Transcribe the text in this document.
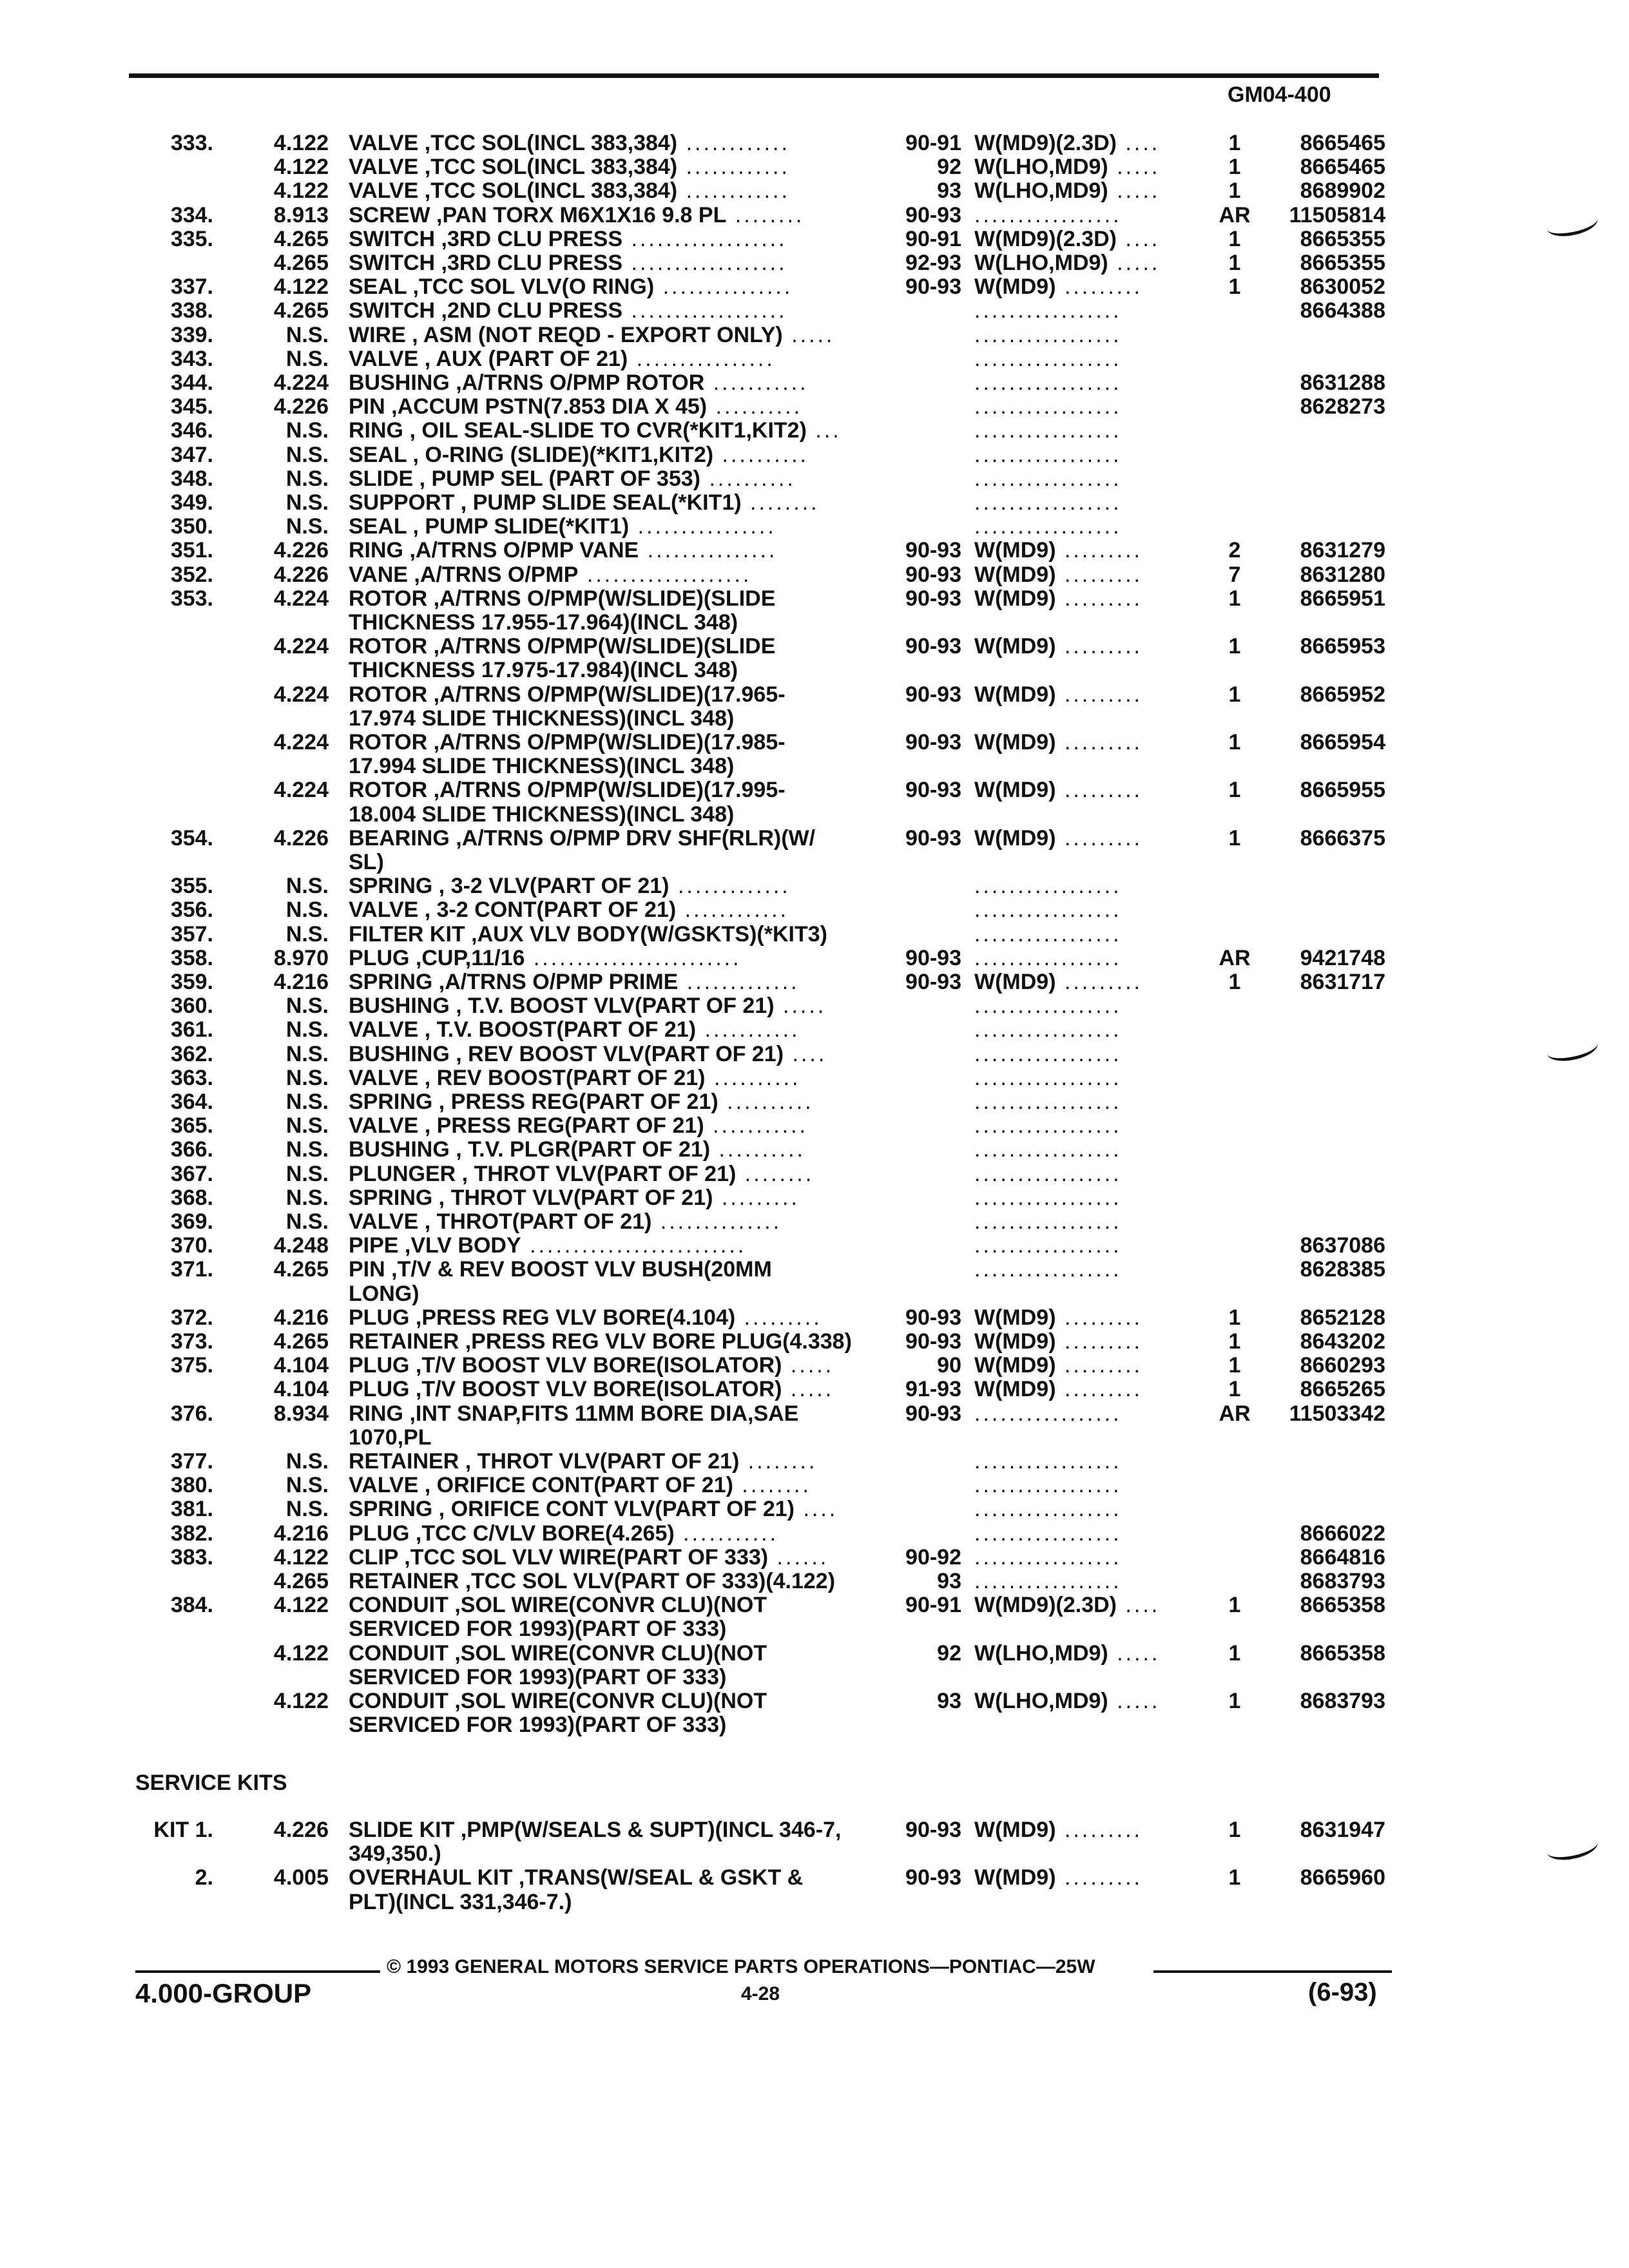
GM04-400
333.	4.122 VALVE ,TCC SOL(INCL 383,384) ............	90-91 W(MD9)(2.3D) ....	1	8665465
4.122 VALVE ,TCC SOL(INCL 383,384) ............	92 W(LHO,MD9) .....	1	8665465
4.122 VALVE ,TCC SOL(INCL 383,384) ............	93 W(LHO,MD9) .....	1	8689902
334.	8.913 SCREW ,PAN TORX M6X1X16 9.8 PL ........	90-93 .................	AR	11505814
335.	4.265 SWITCH ,3RD CLU PRESS ..................	90-91 W(MD9)(2.3D) ....	1	8665355
4.265 SWITCH ,3RD CLU PRESS ..................	92-93 W(LHO,MD9) .....	1	8665355
337.	4.122 SEAL ,TCC SOL VLV(O RING) ...............	90-93 W(MD9) .........	1	8630052
338.	4.265 SWITCH ,2ND CLU PRESS ..................	.................	8664388
339.	N.S. WIRE , ASM (NOT REQD - EXPORT ONLY) .....	.................
343.	N.S. VALVE , AUX (PART OF 21) ................	.................
344.	4.224 BUSHING ,A/TRNS O/PMP ROTOR ...........	.................	8631288
345.	4.226 PIN ,ACCUM PSTN(7.853 DIA X 45) ..........	.................	8628273
346.	N.S. RING , OIL SEAL-SLIDE TO CVR(*KIT1,KIT2) ...	.................
347.	N.S. SEAL , O-RING (SLIDE)(*KIT1,KIT2) ..........	.................
348.	N.S. SLIDE , PUMP SEL (PART OF 353) ..........	.................
349.	N.S. SUPPORT , PUMP SLIDE SEAL(*KIT1) ........	.................
350.	N.S. SEAL , PUMP SLIDE(*KIT1) ................	.................
351.	4.226 RING ,A/TRNS O/PMP VANE ...............	90-93 W(MD9) .........	2	8631279
352.	4.226 VANE ,A/TRNS O/PMP ...................	90-93 W(MD9) .........	7	8631280
353.	4.224 ROTOR ,A/TRNS O/PMP(W/SLIDE)(SLIDE	90-93 W(MD9) .........	1	8665951
THICKNESS 17.955-17.964)(INCL 348)
4.224 ROTOR ,A/TRNS O/PMP(W/SLIDE)(SLIDE	90-93 W(MD9) .........	1	8665953
THICKNESS 17.975-17.984)(INCL 348)
4.224 ROTOR ,A/TRNS O/PMP(W/SLIDE)(17.965-	90-93 W(MD9) .........	1	8665952
17.974 SLIDE THICKNESS)(INCL 348)
4.224 ROTOR ,A/TRNS O/PMP(W/SLIDE)(17.985-	90-93 W(MD9) .........	1	8665954
17.994 SLIDE THICKNESS)(INCL 348)
4.224 ROTOR ,A/TRNS O/PMP(W/SLIDE)(17.995-	90-93 W(MD9) .........	1	8665955
18.004 SLIDE THICKNESS)(INCL 348)
354.	4.226 BEARING ,A/TRNS O/PMP DRV SHF(RLR)(W/	90-93 W(MD9) .........	1	8666375
SL)
355.	N.S. SPRING , 3-2 VLV(PART OF 21) .............	.................
356.	N.S. VALVE , 3-2 CONT(PART OF 21) ............	.................
357.	N.S. FILTER KIT ,AUX VLV BODY(W/GSKTS)(*KIT3)	.................
358.	8.970 PLUG ,CUP,11/16 ........................	90-93 .................	AR	9421748
359.	4.216 SPRING ,A/TRNS O/PMP PRIME .............	90-93 W(MD9) .........	1	8631717
360.	N.S. BUSHING , T.V. BOOST VLV(PART OF 21) .....	.................
361.	N.S. VALVE , T.V. BOOST(PART OF 21) ...........	.................
362.	N.S. BUSHING , REV BOOST VLV(PART OF 21) ....	.................
363.	N.S. VALVE , REV BOOST(PART OF 21) ..........	.................
364.	N.S. SPRING , PRESS REG(PART OF 21) ..........	.................
365.	N.S. VALVE , PRESS REG(PART OF 21) ...........	.................
366.	N.S. BUSHING , T.V. PLGR(PART OF 21) ..........	.................
367.	N.S. PLUNGER , THROT VLV(PART OF 21) ........	.................
368.	N.S. SPRING , THROT VLV(PART OF 21) .........	.................
369.	N.S. VALVE , THROT(PART OF 21) ..............	.................
370.	4.248 PIPE ,VLV BODY .........................	.................	8637086
371.	4.265 PIN ,T/V & REV BOOST VLV BUSH(20MM	.................	8628385
LONG)
372.	4.216 PLUG ,PRESS REG VLV BORE(4.104) .........	90-93 W(MD9) .........	1	8652128
373.	4.265 RETAINER ,PRESS REG VLV BORE PLUG(4.338)	90-93 W(MD9) .........	1	8643202
375.	4.104 PLUG ,T/V BOOST VLV BORE(ISOLATOR) .....	90 W(MD9) .........	1	8660293
4.104 PLUG ,T/V BOOST VLV BORE(ISOLATOR) .....	91-93 W(MD9) .........	1	8665265
376.	8.934 RING ,INT SNAP,FITS 11MM BORE DIA,SAE	90-93 .................	AR	11503342
1070,PL
377.	N.S. RETAINER , THROT VLV(PART OF 21) ........	.................
380.	N.S. VALVE , ORIFICE CONT(PART OF 21) ........	.................
381.	N.S. SPRING , ORIFICE CONT VLV(PART OF 21) ....	.................
382.	4.216 PLUG ,TCC C/VLV BORE(4.265) ...........	.................	8666022
383.	4.122 CLIP ,TCC SOL VLV WIRE(PART OF 333) ......	90-92 .................	8664816
4.265 RETAINER ,TCC SOL VLV(PART OF 333)(4.122)	93 .................	8683793
384.	4.122 CONDUIT ,SOL WIRE(CONVR CLU)(NOT	90-91 W(MD9)(2.3D) ....	1	8665358
SERVICED FOR 1993)(PART OF 333)
4.122 CONDUIT ,SOL WIRE(CONVR CLU)(NOT	92 W(LHO,MD9) .....	1	8665358
SERVICED FOR 1993)(PART OF 333)
4.122 CONDUIT ,SOL WIRE(CONVR CLU)(NOT	93 W(LHO,MD9) .....	1	8683793
SERVICED FOR 1993)(PART OF 333)
SERVICE KITS
KIT 1.	4.226 SLIDE KIT ,PMP(W/SEALS & SUPT)(INCL 346-7,	90-93 W(MD9) .........	1	8631947
349,350.)
2.	4.005 OVERHAUL KIT ,TRANS(W/SEAL & GSKT &	90-93 W(MD9) .........	1	8665960
PLT)(INCL 331,346-7.)
© 1993 GENERAL MOTORS SERVICE PARTS OPERATIONS—PONTIAC—25W
4.000-GROUP	4-28	(6-93)
